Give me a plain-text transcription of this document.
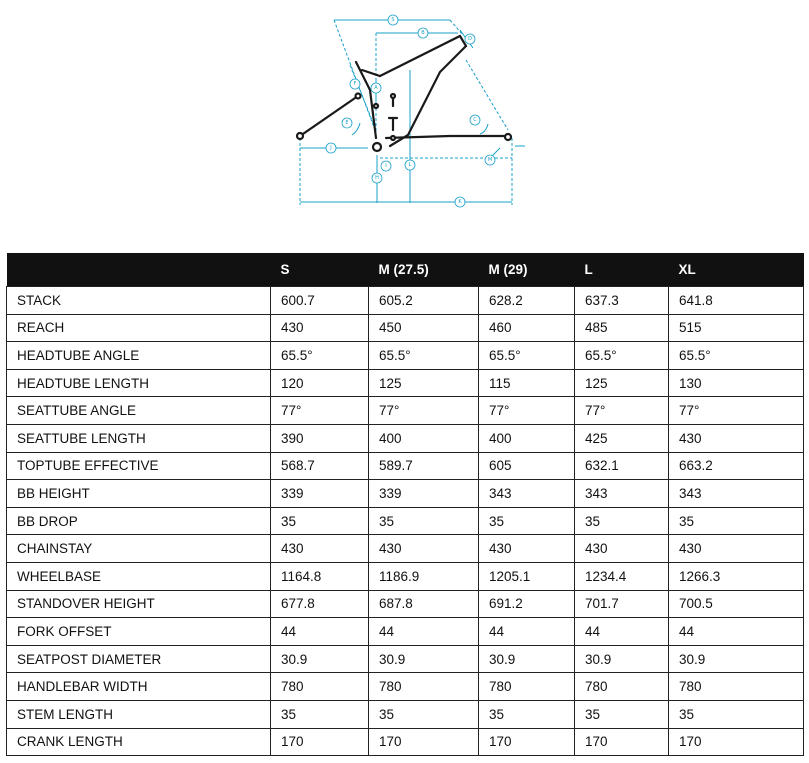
S
B
D
A
F
E	C
L
H
I
J
K
M
	S	M (27.5)	M (29)	L	XL
STACK	600.7	605.2	628.2	637.3	641.8
REACH	430	450	460	485	515
HEADTUBE ANGLE	65.5°	65.5°	65.5°	65.5°	65.5°
HEADTUBE LENGTH	120	125	115	125	130
SEATTUBE ANGLE	77°	77°	77°	77°	77°
SEATTUBE LENGTH	390	400	400	425	430
TOPTUBE EFFECTIVE	568.7	589.7	605	632.1	663.2
BB HEIGHT	339	339	343	343	343
BB DROP	35	35	35	35	35
CHAINSTAY	430	430	430	430	430
WHEELBASE	1164.8	1186.9	1205.1	1234.4	1266.3
STANDOVER HEIGHT	677.8	687.8	691.2	701.7	700.5
FORK OFFSET	44	44	44	44	44
SEATPOST DIAMETER	30.9	30.9	30.9	30.9	30.9
HANDLEBAR WIDTH	780	780	780	780	780
STEM LENGTH	35	35	35	35	35
CRANK LENGTH	170	170	170	170	170
